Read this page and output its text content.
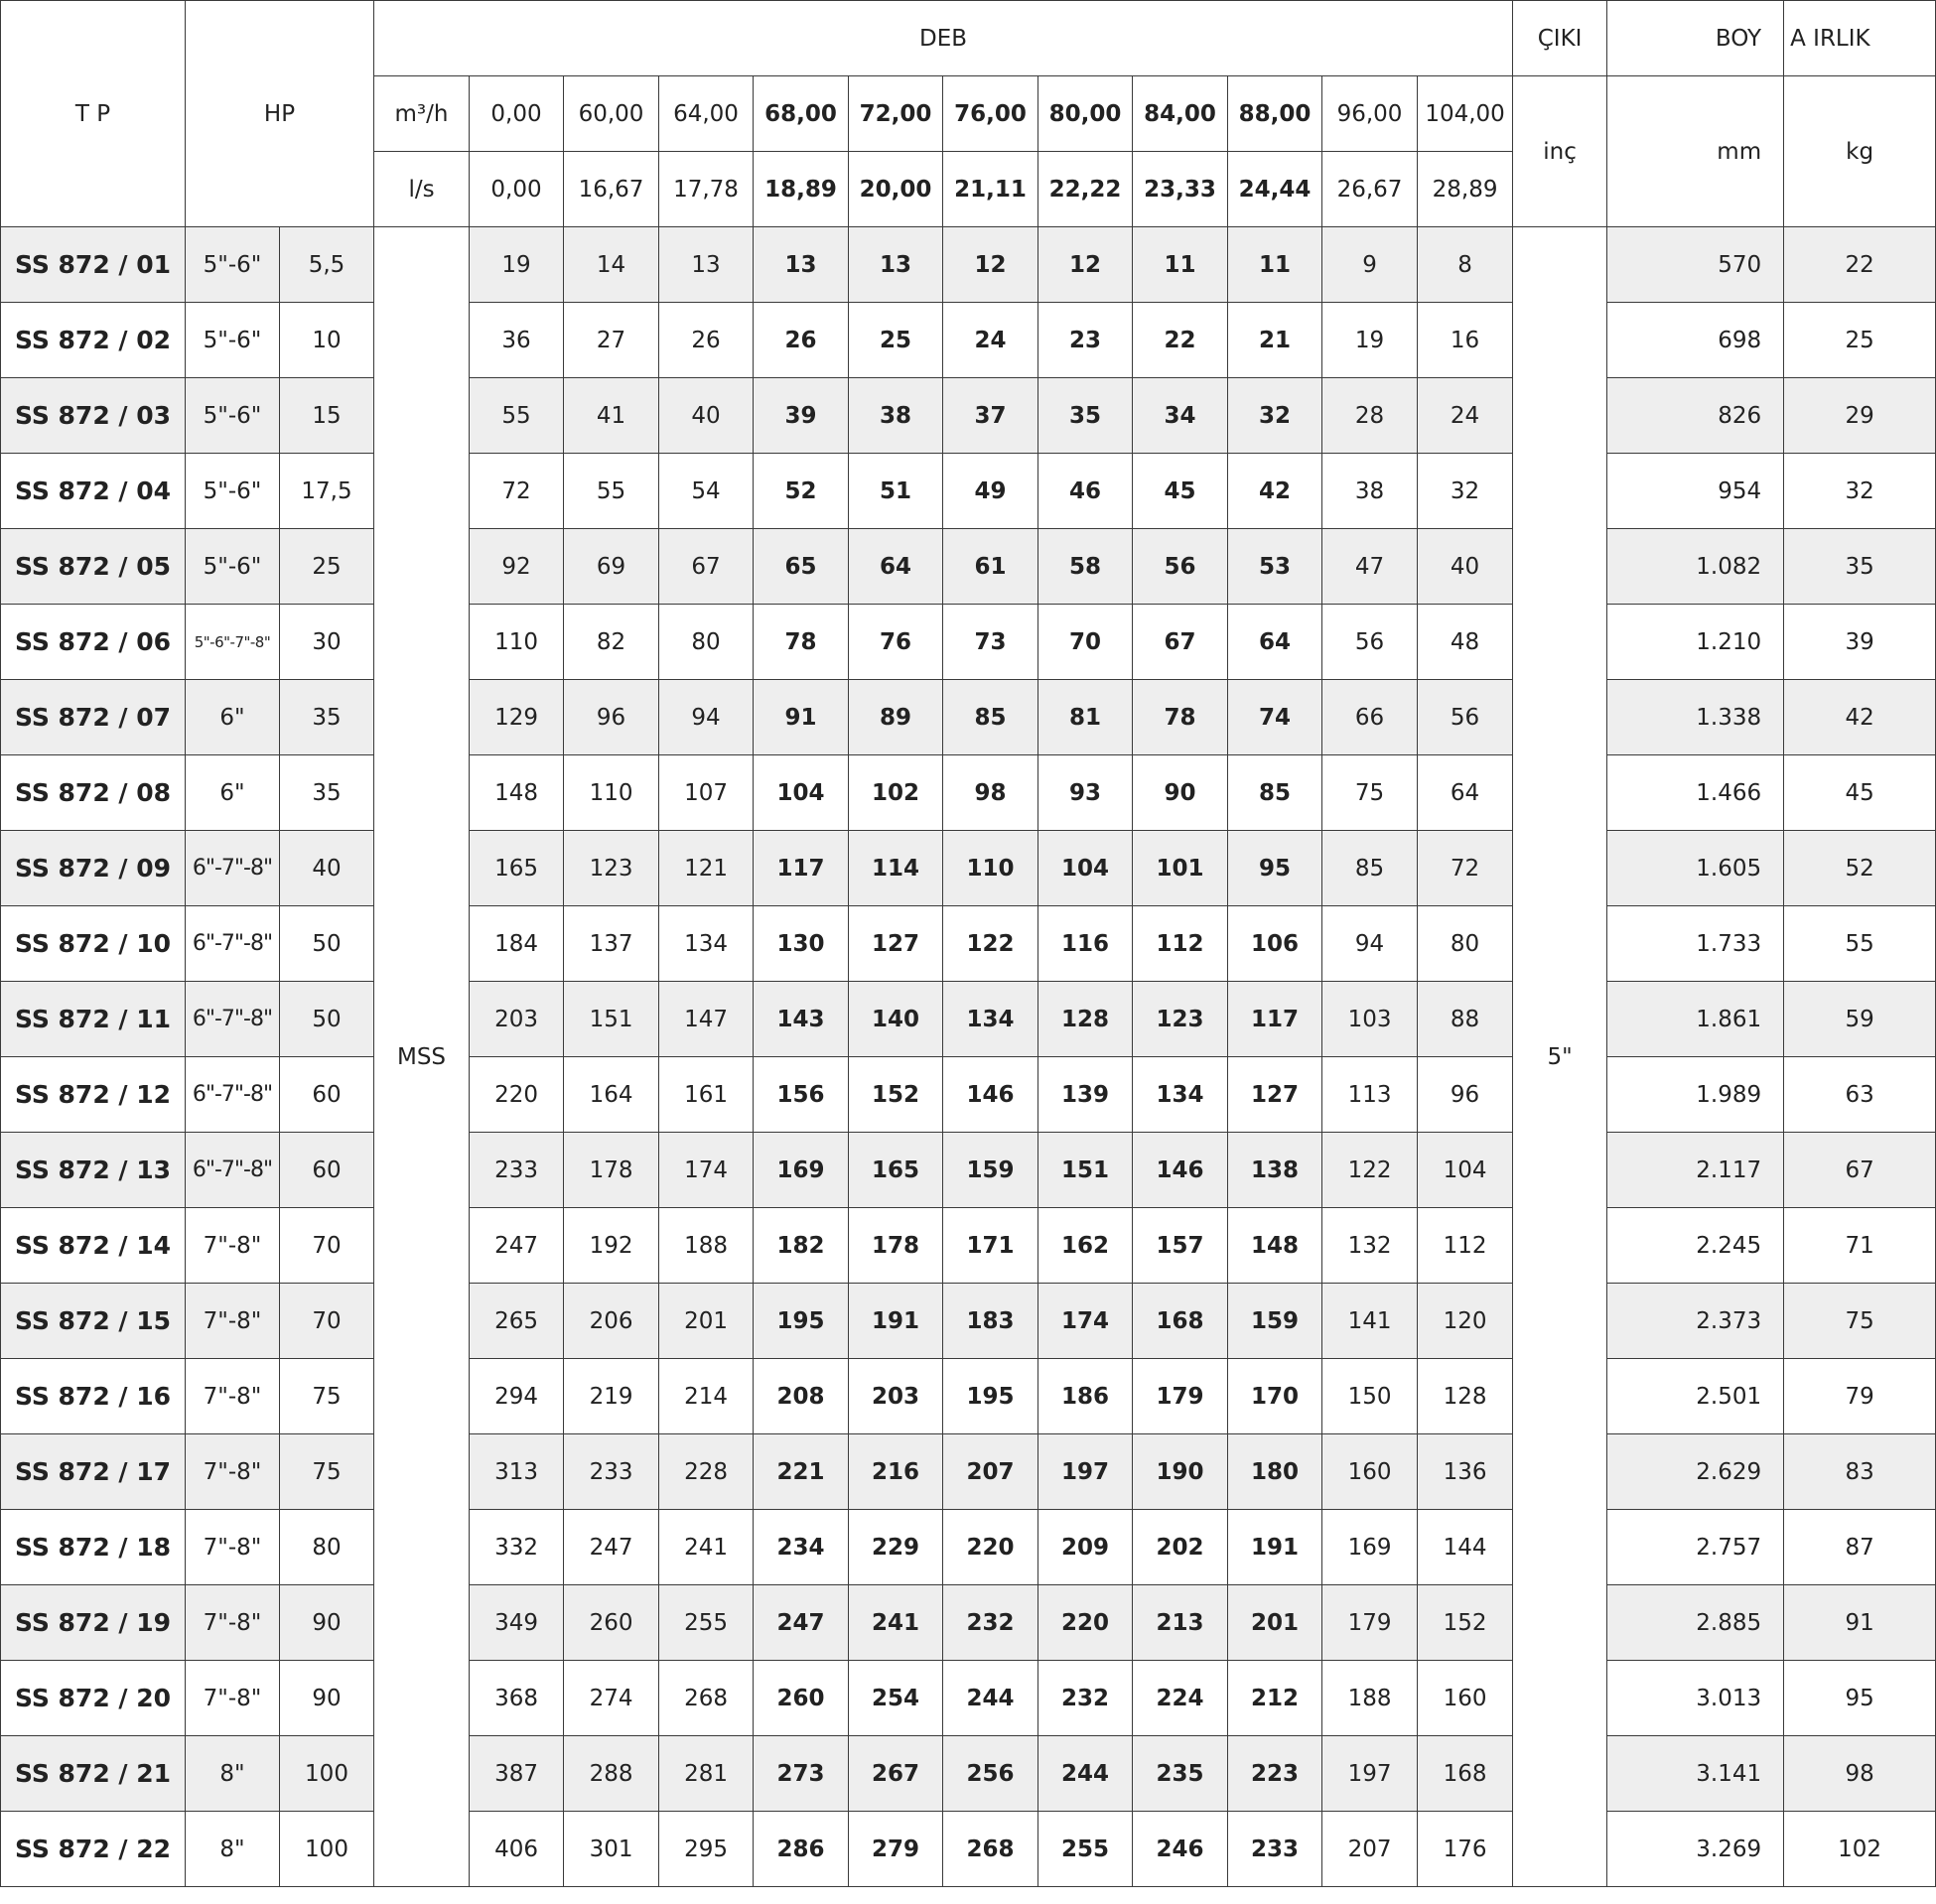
T P	HP		DEB												ÇIKI	BOY	A IRLIK
			m³/h	0,00	60,00	64,00	68,00	72,00	76,00	80,00	84,00	88,00	96,00	104,00	inç	mm	kg
			l/s	0,00	16,67	17,78	18,89	20,00	21,11	22,22	23,33	24,44	26,67	28,89			
SS 872 / 01	5"-6"	5,5	MSS	19	14	13	13	13	12	12	11	11	9	8	5"	570	22
SS 872 / 02	5"-6"	10		36	27	26	26	25	24	23	22	21	19	16		698	25
SS 872 / 03	5"-6"	15		55	41	40	39	38	37	35	34	32	28	24		826	29
SS 872 / 04	5"-6"	17,5		72	55	54	52	51	49	46	45	42	38	32		954	32
SS 872 / 05	5"-6"	25		92	69	67	65	64	61	58	56	53	47	40		1.082	35
SS 872 / 06	5"-6"-7"-8"	30		110	82	80	78	76	73	70	67	64	56	48		1.210	39
SS 872 / 07	6"	35		129	96	94	91	89	85	81	78	74	66	56		1.338	42
SS 872 / 08	6"	35		148	110	107	104	102	98	93	90	85	75	64		1.466	45
SS 872 / 09	6"-7"-8"	40		165	123	121	117	114	110	104	101	95	85	72		1.605	52
SS 872 / 10	6"-7"-8"	50		184	137	134	130	127	122	116	112	106	94	80		1.733	55
SS 872 / 11	6"-7"-8"	50		203	151	147	143	140	134	128	123	117	103	88		1.861	59
SS 872 / 12	6"-7"-8"	60		220	164	161	156	152	146	139	134	127	113	96		1.989	63
SS 872 / 13	6"-7"-8"	60		233	178	174	169	165	159	151	146	138	122	104		2.117	67
SS 872 / 14	7"-8"	70		247	192	188	182	178	171	162	157	148	132	112		2.245	71
SS 872 / 15	7"-8"	70		265	206	201	195	191	183	174	168	159	141	120		2.373	75
SS 872 / 16	7"-8"	75		294	219	214	208	203	195	186	179	170	150	128		2.501	79
SS 872 / 17	7"-8"	75		313	233	228	221	216	207	197	190	180	160	136		2.629	83
SS 872 / 18	7"-8"	80		332	247	241	234	229	220	209	202	191	169	144		2.757	87
SS 872 / 19	7"-8"	90		349	260	255	247	241	232	220	213	201	179	152		2.885	91
SS 872 / 20	7"-8"	90		368	274	268	260	254	244	232	224	212	188	160		3.013	95
SS 872 / 21	8"	100		387	288	281	273	267	256	244	235	223	197	168		3.141	98
SS 872 / 22	8"	100		406	301	295	286	279	268	255	246	233	207	176		3.269	102
